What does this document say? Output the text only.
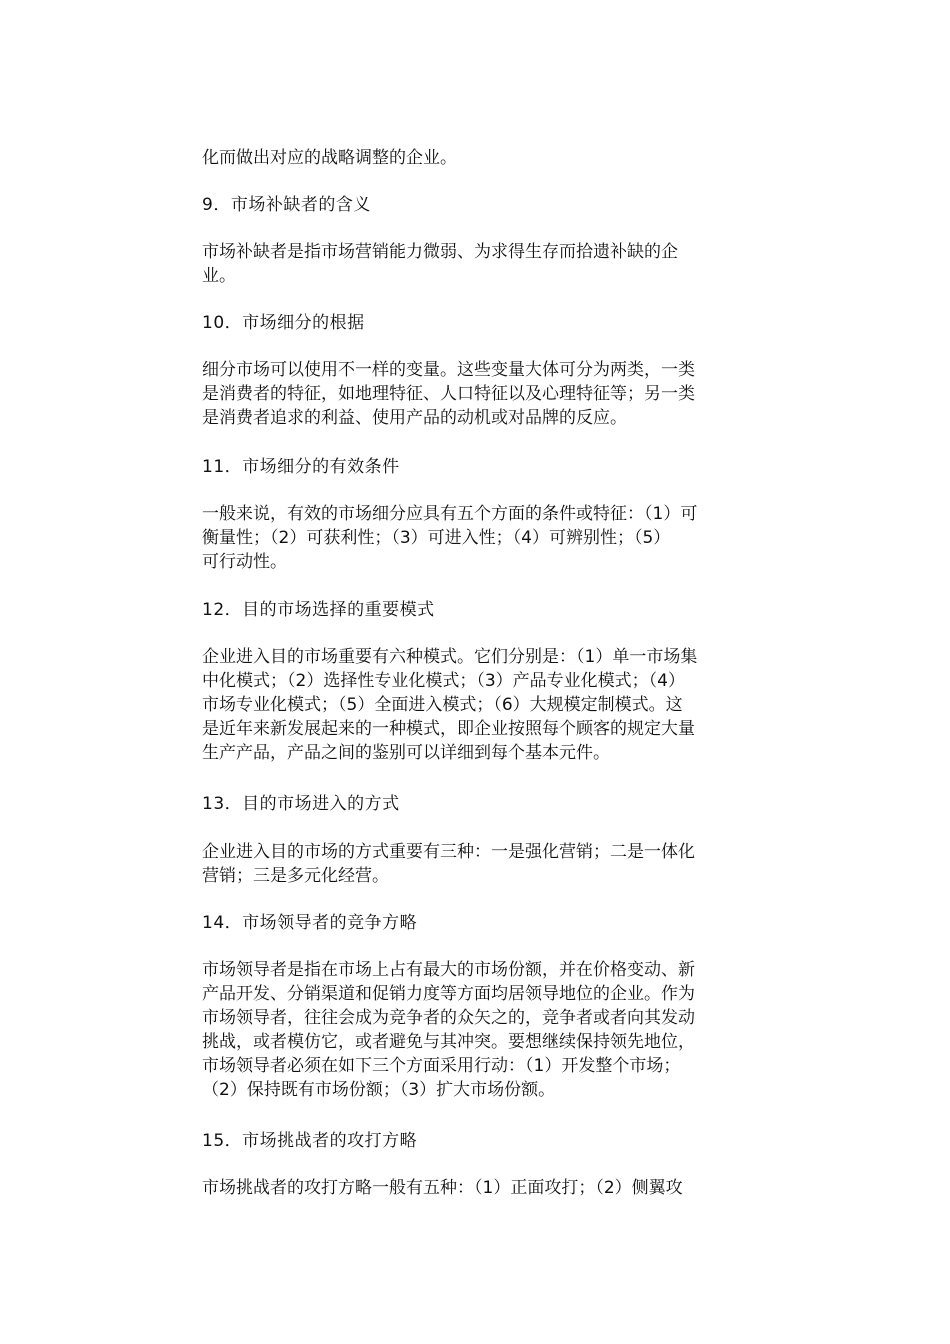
化而做出对应的战略调整的企业。

9．市场补缺者的含义

市场补缺者是指市场营销能力微弱、为求得生存而拾遗补缺的企
业。

10．市场细分的根据

细分市场可以使用不一样的变量。这些变量大体可分为两类，一类
是消费者的特征，如地理特征、人口特征以及心理特征等；另一类
是消费者追求的利益、使用产品的动机或对品牌的反应。

11．市场细分的有效条件

一般来说，有效的市场细分应具有五个方面的条件或特征：（1）可
衡量性；（2）可获利性；（3）可进入性；（4）可辨别性；（5）
可行动性。

12．目的市场选择的重要模式

企业进入目的市场重要有六种模式。它们分别是：（1）单一市场集
中化模式；（2）选择性专业化模式；（3）产品专业化模式；（4）
市场专业化模式；（5）全面进入模式；（6）大规模定制模式。这
是近年来新发展起来的一种模式，即企业按照每个顾客的规定大量
生产产品，产品之间的鉴别可以详细到每个基本元件。

13．目的市场进入的方式

企业进入目的市场的方式重要有三种：一是强化营销；二是一体化
营销；三是多元化经营。

14．市场领导者的竞争方略

市场领导者是指在市场上占有最大的市场份额，并在价格变动、新
产品开发、分销渠道和促销力度等方面均居领导地位的企业。作为
市场领导者，往往会成为竞争者的众矢之的，竞争者或者向其发动
挑战，或者模仿它，或者避免与其冲突。要想继续保持领先地位，
市场领导者必须在如下三个方面采用行动：（1）开发整个市场；
（2）保持既有市场份额；（3）扩大市场份额。

15．市场挑战者的攻打方略

市场挑战者的攻打方略一般有五种：（1）正面攻打；（2）侧翼攻
